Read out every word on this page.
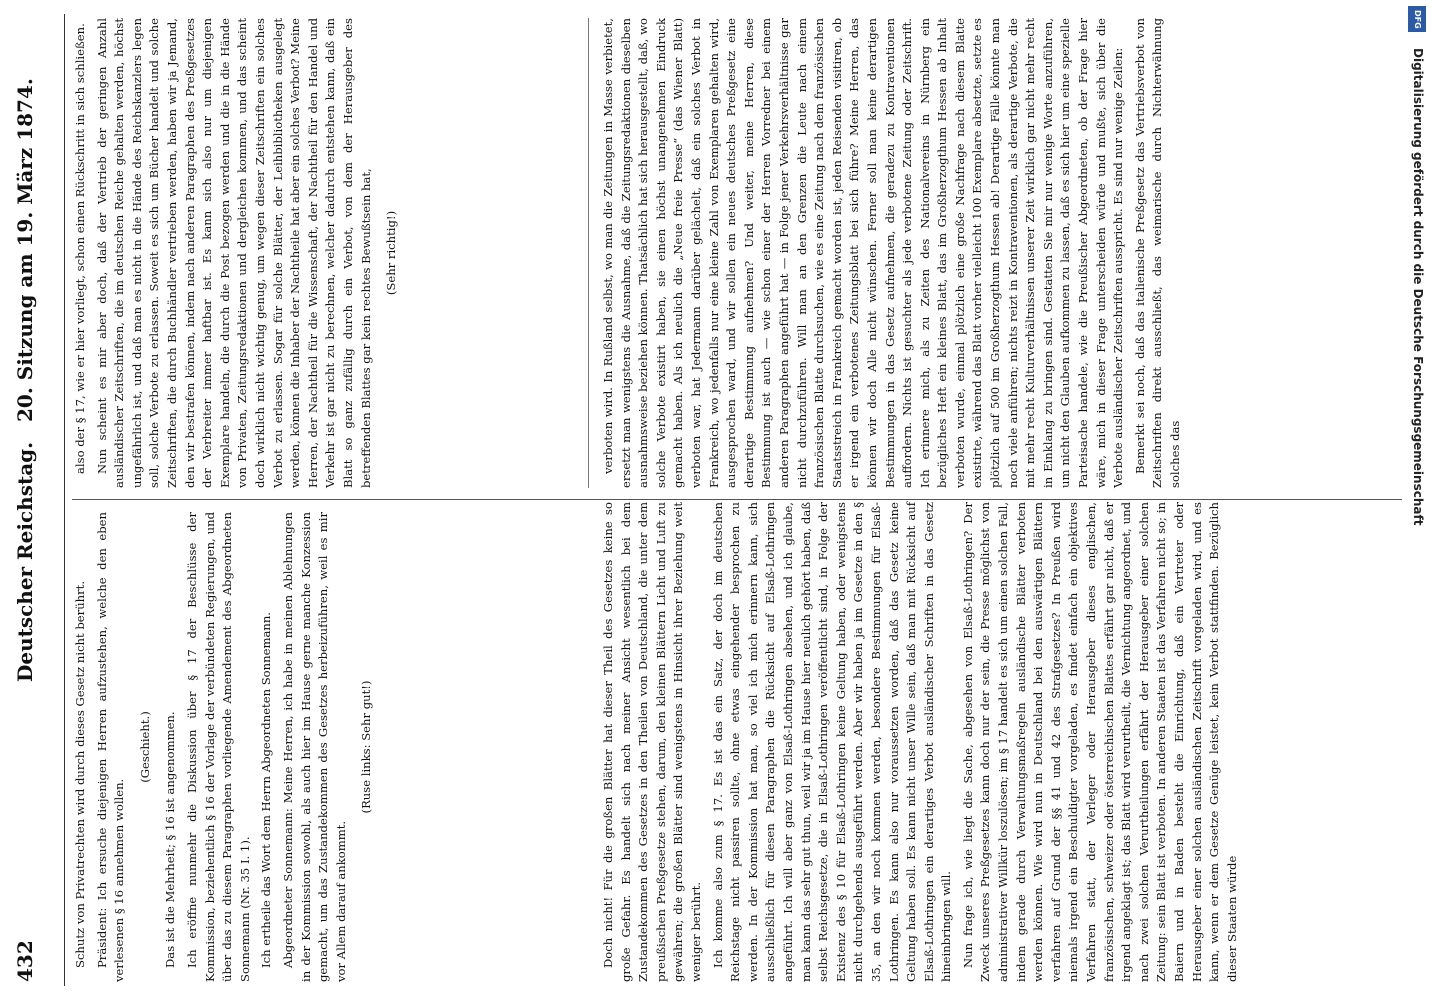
432
Deutscher Reichstag.
20. Sitzung am 19. März 1874.

Schutz von Privatrechten wird durch dieses Gesetz nicht berührt. Präsident: Ich ersuche diejenigen Herren aufzustehen, welche den eben verlesenen § 16 annehmen wollen.

(Geschieht.) Das ist die Mehrheit; § 16 ist angenommen. Ich eröffne nunmehr die Diskussion über § 17 der Beschlüsse der Kommission, beziehentlich § 16 der Vorlage der verbündeten Regierungen, und über das zu diesem Paragraphen vorliegende Amendement des Abgeordneten Sonnemann (Nr. 35 I. 1). Ich ertheile das Wort dem Herrn Abgeordneten Sonnemann. Abgeordneter Sonnemann: Meine Herren, ich habe in meinen Ablehnungen in der Kommission sowohl, als auch hier im Hause gerne manche Konzession gemacht, um das Zustandekommen des Gesetzes herbeizuführen, weil es mir vor Allem darauf ankommt.

(Ruse links: Sehr gut!)

also der § 17, wie er hier vorliegt, schon einen Rückschritt in sich schließen. Nun scheint es mir aber doch, daß der Vertrieb der geringen Anzahl ausländischer Zeitschriften, die im deutschen Reiche gehalten werden, höchst ungefährlich ist, und daß man es nicht in die Hände des Reichskanzlers legen soll, solche Verbote zu erlassen. Soweit es sich um Bücher handelt und solche Zeitschriften, die durch Buchhändler vertrieben werden, haben wir ja Jemand, den wir bestrafen können, indem nach anderen Paragraphen des Preßgesetzes der Verbreiter immer haftbar ist. Es kann sich also nur um diejenigen Exemplare handeln, die durch die Post bezogen werden und die in die Hände von Privaten, Zeitungsredaktionen und dergleichen kommen, und das scheint doch wirklich nicht wichtig genug, um wegen dieser Zeitschriften ein solches Verbot zu erlassen. Sogar für solche Blätter, der Leihbibliotheken ausgelegt werden, können die Inhaber der Nachtheile hat aber ein solches Verbot? Meine Herren, der Nachtheil für die Wissenschaft, der Nachtheil für den Handel und Verkehr ist gar nicht zu berechnen, welcher dadurch entstehen kann, daß ein Blatt so ganz zufällig durch ein Verbot, von dem der Herausgeber des betreffenden Blattes gar kein rechtes Bewußtsein hat, (Sehr richtig!)

Doch nicht! Für die großen Blätter hat dieser Theil des Gesetzes keine so große Gefahr. Es handelt sich nach meiner Ansicht wesentlich bei dem Zustandekommen des Gesetzes in den Theilen von Deutschland, die unter dem preußischen Preßgesetze stehen, darum, den kleinen Blättern Licht und Luft zu gewähren; die großen Blätter sind wenigstens in Hinsicht ihrer Beziehung weit weniger berührt. Ich komme also zum § 17. Es ist das ein Satz, der doch im deutschen Reichstage nicht passiren sollte, ohne etwas eingehender besprochen zu werden. In der Kommission hat man, so viel ich mich erinnern kann, sich ausschließlich für diesen Paragraphen die Rücksicht auf Elsaß-Lothringen angeführt. Ich will aber ganz von Elsaß-Lothringen absehen, und ich glaube, man kann das sehr gut thun, weil wir ja im Hause hier neulich gehört haben, daß selbst Reichsgesetze, die in Elsaß-Lothringen veröffentlicht sind, in Folge der Existenz des § 10 für Elsaß-Lothringen keine Geltung haben, oder wenigstens nicht durchgehends ausgeführt werden. Aber wir haben ja im Gesetze in den § 35, an den wir noch kommen werden, besondere Bestimmungen für Elsaß-Lothringen. Es kann also nur voraussetzen worden, daß das Gesetz keine Geltung haben soll. Es kann nicht unser Wille sein, daß man mit Rücksicht auf Elsaß-Lothringen ein derartiges Verbot ausländischer Schriften in das Gesetz hineinbringen will. Nun frage ich, wie liegt die Sache, abgesehen von Elsaß-Lothringen? Der Zweck unseres Preßgesetzes kann doch nur der sein, die Presse möglichst von administrativer Willkür loszulösen; im § 17 handelt es sich um einen solchen Fall, indem gerade durch Verwaltungsmaßregeln ausländische Blätter verboten werden können. Wie wird nun in Deutschland bei den auswärtigen Blättern verfahren auf Grund der §§ 41 und 42 des Strafgesetzes? In Preußen wird niemals irgend ein Beschuldigter vorgeladen, es findet einfach ein objektives Verfahren statt, der Verleger oder Herausgeber dieses englischen, französischen, schweizer oder österreichischen Blattes erfährt gar nicht, daß er irgend angeklagt ist; das Blatt wird verurtheilt, die Vernichtung angeordnet, und nach zwei solchen Verurtheilungen erfährt der Herausgeber einer solchen Zeitung: sein Blatt ist verboten. In anderen Staaten ist das Verfahren nicht so; in Baiern und in Baden besteht die Einrichtung, daß ein Vertreter oder Herausgeber einer solchen ausländischen Zeitschrift vorgeladen wird, und es kann, wenn er dem Gesetze Genüge leistet, kein Verbot stattfinden. Bezüglich dieser Staaten würde

verboten wird. In Rußland selbst, wo man die Zeitungen in Masse verbietet, ersetzt man wenigstens die Ausnahme, daß die Zeitungsredaktionen dieselben ausnahmsweise beziehen können. Thatsächlich hat sich herausgestellt, daß, wo solche Verbote existirt haben, sie einen höchst unangenehmen Eindruck gemacht haben. Als ich neulich die „Neue freie Presse“ (das Wiener Blatt) verboten war, hat Jedermann darüber gelächelt, daß ein solches Verbot in Frankreich, wo jedenfalls nur eine kleine Zahl von Exemplaren gehalten wird, ausgesprochen ward, und wir sollen ein neues deutsches Preßgesetz eine derartige Bestimmung aufnehmen? Und weiter, meine Herren, diese Bestimmung ist auch — wie schon einer der Herren Vorredner bei einem anderen Paragraphen angeführt hat — in Folge jener Verkehrsverhältnisse gar nicht durchzuführen. Will man an den Grenzen die Leute nach einem französischen Blatte durchsuchen, wie es eine Zeitung nach dem französischen Staatsstreich in Frankreich gemacht worden ist, jeden Reisenden visitiren, ob er irgend ein verbotenes Zeitungsblatt bei sich führe? Meine Herren, das können wir doch Alle nicht wünschen. Ferner soll man keine derartigen Bestimmungen in das Gesetz aufnehmen, die geradezu zu Kontraventionen auffordern. Nichts ist gesuchter als jede verbotene Zeitung oder Zeitschrift. Ich erinnere mich, als zu Zeiten des Nationalvereins in Nürnberg ein bezügliches Heft ein kleines Blatt, das im Großherzogthum Hessen ab Inhalt verboten wurde, einmal plötzlich eine große Nachfrage nach diesem Blatte existirte, während das Blatt vorher vielleicht 100 Exemplare absetzte, setzte es plötzlich auf 500 im Großherzogthum Hessen ab! Derartige Fälle könnte man noch viele anführen; nichts reizt in Kontraventionen, als derartige Verbote, die mit mehr recht Kulturverhältnissen unserer Zeit wirklich gar nicht mehr recht in Einklang zu bringen sind. Gestatten Sie mir nur wenige Worte anzuführen, um nicht den Glauben aufkommen zu lassen, daß es sich hier um eine spezielle Parteisache handele, wie die Preußischer Abgeordneten, ob der Frage hier wäre, mich in dieser Frage unterscheiden würde und mußte, sich über die Verbote ausländischer Zeitschriften ausspricht. Es sind nur wenige Zeilen: Bemerkt sei noch, daß das italienische Preßgesetz das Vertriebsverbot von Zeitschriften direkt ausschließt, das weimarische durch Nichterwähnung solches das

DFG
Digitalisierung gefördert durch die Deutsche Forschungsgemeinschaft
